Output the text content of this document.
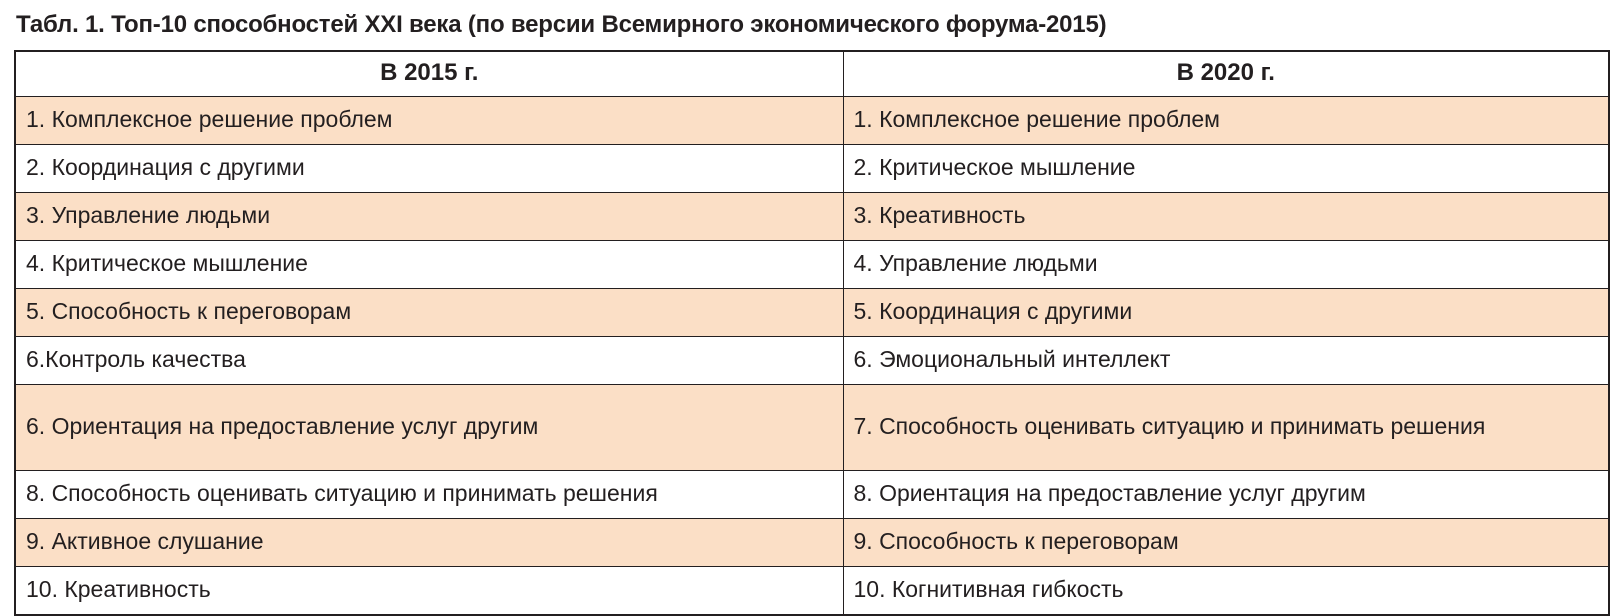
Табл. 1. Топ-10 способностей XXI века (по версии Всемирного экономического форума-2015)
В 2015 г.	В 2020 г.
1. Комплексное решение проблем	1. Комплексное решение проблем
2. Координация с другими	2. Критическое мышление
3. Управление людьми	3. Креативность
4. Критическое мышление	4. Управление людьми
5. Способность к переговорам	5. Координация с другими
6.Контроль качества	6. Эмоциональный интеллект
6. Ориентация на предоставление услуг другим	7. Способность оценивать ситуацию и принимать решения
8. Способность оценивать ситуацию и принимать решения	8. Ориентация на предоставление услуг другим
9. Активное слушание	9. Способность к переговорам
10. Креативность	10. Когнитивная гибкость
